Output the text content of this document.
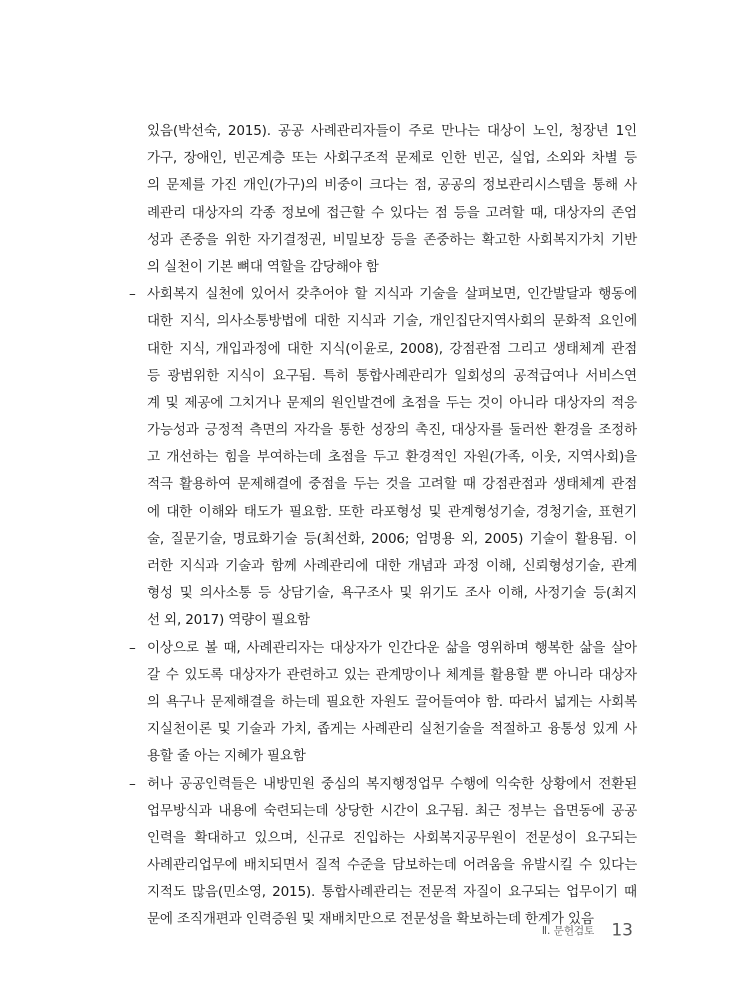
있음(박선숙, 2015). 공공 사례관리자들이 주로 만나는 대상이 노인, 청장년 1인
가구, 장애인, 빈곤계층 또는 사회구조적 문제로 인한 빈곤, 실업, 소외와 차별 등
의 문제를 가진 개인(가구)의 비중이 크다는 점, 공공의 정보관리시스템을 통해 사
례관리 대상자의 각종 정보에 접근할 수 있다는 점 등을 고려할 때, 대상자의 존엄
성과 존중을 위한 자기결정권, 비밀보장 등을 존중하는 확고한 사회복지가치 기반
의 실천이 기본 뼈대 역할을 감당해야 함
– 사회복지 실천에 있어서 갖추어야 할 지식과 기술을 살펴보면, 인간발달과 행동에
대한 지식, 의사소통방법에 대한 지식과 기술, 개인집단지역사회의 문화적 요인에
대한 지식, 개입과정에 대한 지식(이윤로, 2008), 강점관점 그리고 생태체계 관점
등 광범위한 지식이 요구됨. 특히 통합사례관리가 일회성의 공적급여나 서비스연
계 및 제공에 그치거나 문제의 원인발견에 초점을 두는 것이 아니라 대상자의 적응
가능성과 긍정적 측면의 자각을 통한 성장의 촉진, 대상자를 둘러싼 환경을 조정하
고 개선하는 힘을 부여하는데 초점을 두고 환경적인 자원(가족, 이웃, 지역사회)을
적극 활용하여 문제해결에 중점을 두는 것을 고려할 때 강점관점과 생태체계 관점
에 대한 이해와 태도가 필요함. 또한 라포형성 및 관계형성기술, 경청기술, 표현기
술, 질문기술, 명료화기술 등(최선화, 2006; 엄명용 외, 2005) 기술이 활용됨. 이
러한 지식과 기술과 함께 사례관리에 대한 개념과 과정 이해, 신뢰형성기술, 관계
형성 및 의사소통 등 상담기술, 욕구조사 및 위기도 조사 이해, 사정기술 등(최지
선 외, 2017) 역량이 필요함
– 이상으로 볼 때, 사례관리자는 대상자가 인간다운 삶을 영위하며 행복한 삶을 살아
갈 수 있도록 대상자가 관련하고 있는 관계망이나 체계를 활용할 뿐 아니라 대상자
의 욕구나 문제해결을 하는데 필요한 자원도 끌어들여야 함. 따라서 넓게는 사회복
지실천이론 및 기술과 가치, 좁게는 사례관리 실천기술을 적절하고 융통성 있게 사
용할 줄 아는 지혜가 필요함
– 허나 공공인력들은 내방민원 중심의 복지행정업무 수행에 익숙한 상황에서 전환된
업무방식과 내용에 숙련되는데 상당한 시간이 요구됨. 최근 정부는 읍면동에 공공
인력을 확대하고 있으며, 신규로 진입하는 사회복지공무원이 전문성이 요구되는
사례관리업무에 배치되면서 질적 수준을 담보하는데 어려움을 유발시킬 수 있다는
지적도 많음(민소영, 2015). 통합사례관리는 전문적 자질이 요구되는 업무이기 때
문에 조직개편과 인력증원 및 재배치만으로 전문성을 확보하는데 한계가 있음
Ⅱ. 문헌검토 13
